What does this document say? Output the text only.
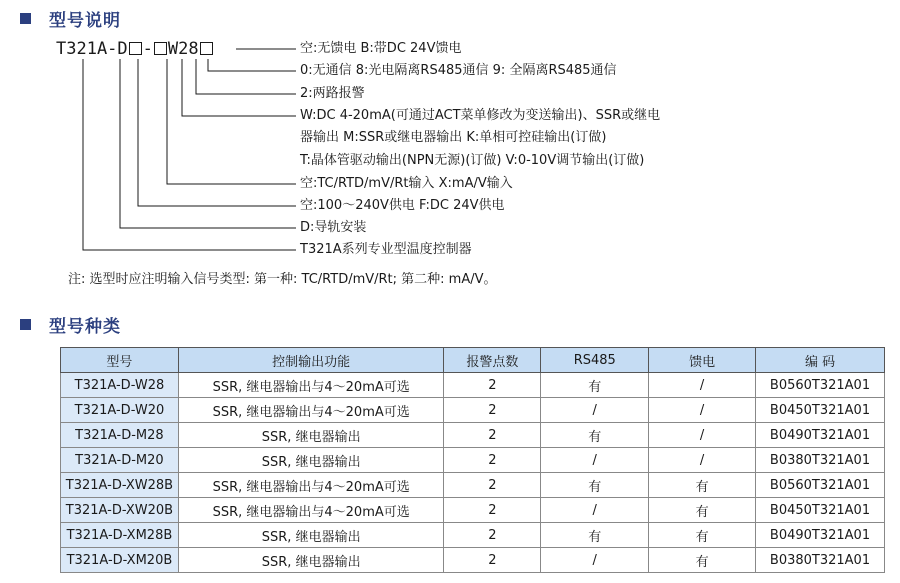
型号说明
T321A-D - W28	空:无馈电 B:带DC 24V馈电
0:无通信 8:光电隔离RS485通信 9: 全隔离RS485通信
2:两路报警
W:DC 4-20mA(可通过ACT菜单修改为变送输出)、SSR或继电
器输出 M:SSR或继电器输出 K:单相可控硅输出(订做)
T:晶体管驱动输出(NPN无源)(订做) V:0-10V调节输出(订做)
空:TC/RTD/mV/Rt输入 X:mA/V输入
空:100～240V供电 F:DC 24V供电
D:导轨安装
T321A系列专业型温度控制器
注: 选型时应注明输入信号类型: 第一种: TC/RTD/mV/Rt; 第二种: mA/V。
型号种类
型号	控制输出功能	报警点数	RS485	馈电	编 码
T321A-D-W28	SSR, 继电器输出与4～20mA可选	2	有	/	B0560T321A01
T321A-D-W20	SSR, 继电器输出与4～20mA可选	2	/	/	B0450T321A01
T321A-D-M28	SSR, 继电器输出	2	有	/	B0490T321A01
T321A-D-M20	SSR, 继电器输出	2	/	/	B0380T321A01
T321A-D-XW28B	SSR, 继电器输出与4～20mA可选	2	有	有	B0560T321A01
T321A-D-XW20B	SSR, 继电器输出与4～20mA可选	2	/	有	B0450T321A01
T321A-D-XM28B	SSR, 继电器输出	2	有	有	B0490T321A01
T321A-D-XM20B	SSR, 继电器输出	2	/	有	B0380T321A01
